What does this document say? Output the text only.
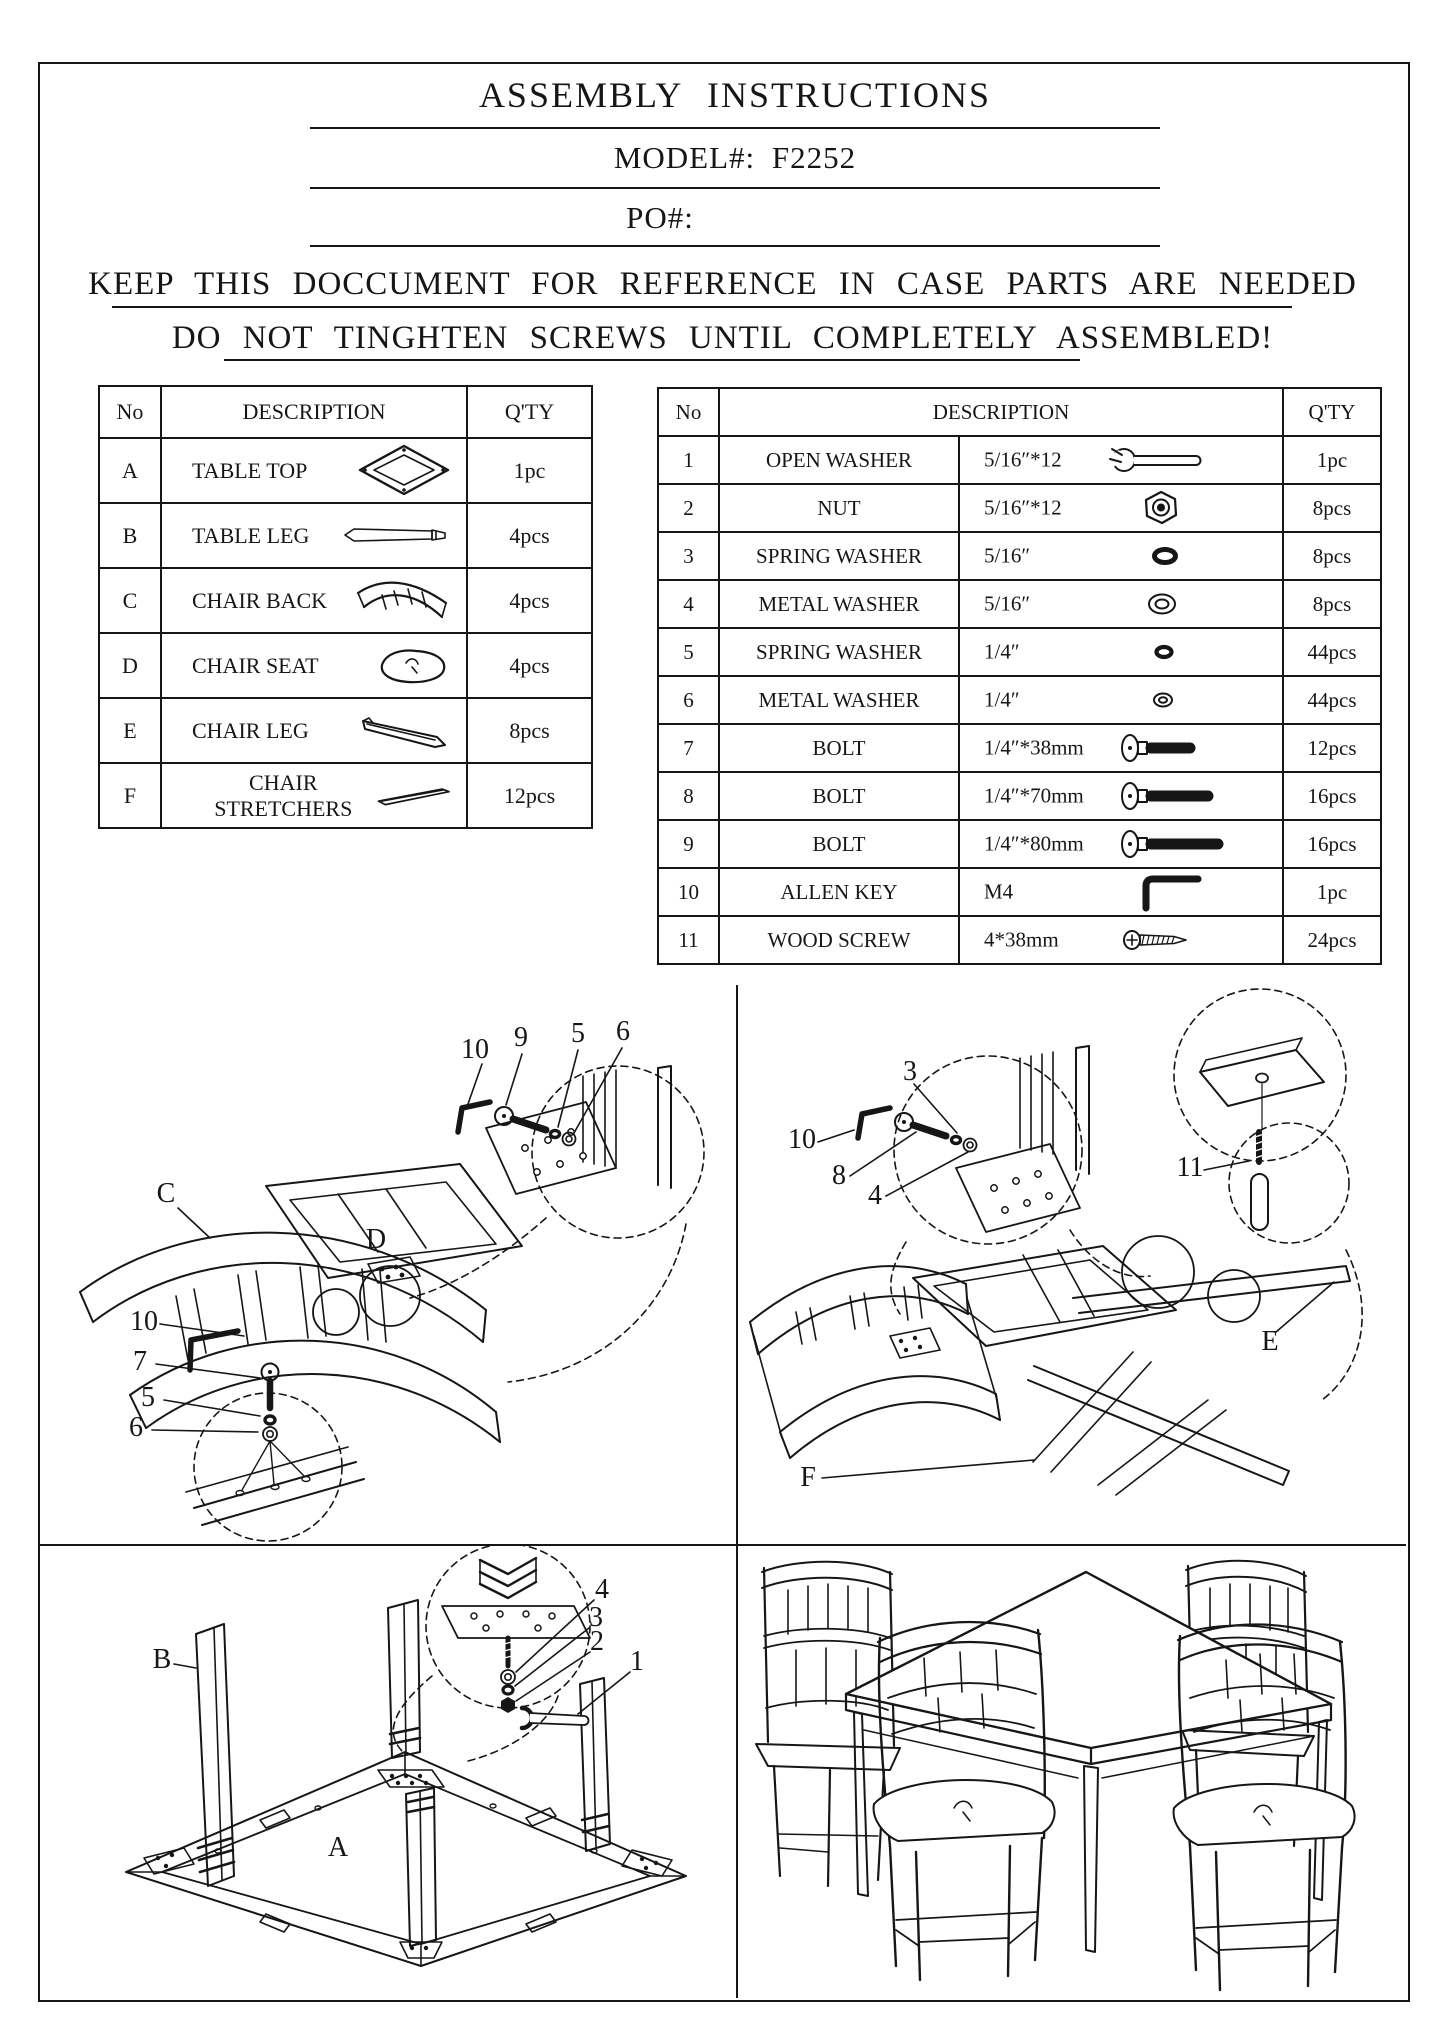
ASSEMBLY INSTRUCTIONS
MODEL#: F2252
PO#:
KEEP THIS DOCCUMENT FOR REFERENCE IN CASE PARTS ARE NEEDED
DO NOT TINGHTEN SCREWS UNTIL COMPLETELY ASSEMBLED!
No	DESCRIPTION	Q'TY
A	TABLE TOP	1pc
B	TABLE LEG	4pcs
C	CHAIR BACK	4pcs
D	CHAIR SEAT	4pcs
E	CHAIR LEG	8pcs
F	CHAIR STRETCHERS	12pcs
No	DESCRIPTION		Q'TY
1	OPEN WASHER	5/16″*12	1pc
2	NUT	5/16″*12	8pcs
3	SPRING WASHER	5/16″	8pcs
4	METAL WASHER	5/16″	8pcs
5	SPRING WASHER	1/4″	44pcs
6	METAL WASHER	1/4″	44pcs
7	BOLT	1/4″*38mm	12pcs
8	BOLT	1/4″*70mm	16pcs
9	BOLT	1/4″*80mm	16pcs
10	ALLEN KEY	M4	1pc
11	WOOD SCREW	4*38mm	24pcs
10 9 5 6
10
7
5
6
C
D
3
10
8
4
11
E
F
4
3
2
1
B
A
